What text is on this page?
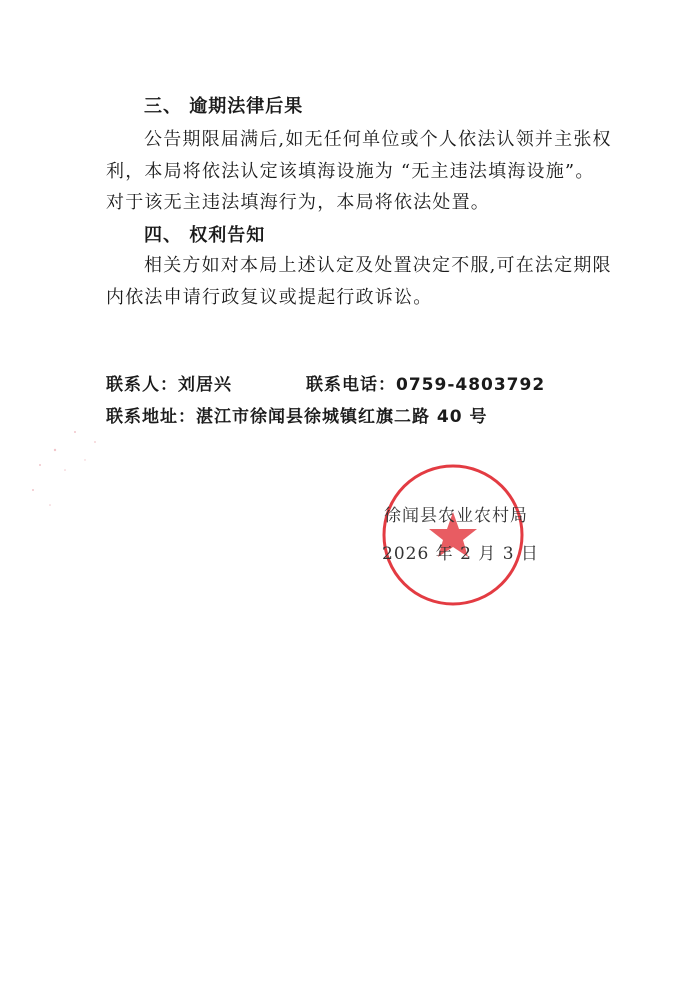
三、 逾期法律后果
公告期限届满后,如无任何单位或个人依法认领并主张权
利，本局将依法认定该填海设施为 “无主违法填海设施”。
对于该无主违法填海行为，本局将依法处置。
四、 权利告知
相关方如对本局上述认定及处置决定不服,可在法定期限
内依法申请行政复议或提起行政诉讼。
联系人：刘居兴	联系电话：0759-4803792
联系地址：湛江市徐闻县徐城镇红旗二路 40 号
徐闻县农业农村局
2026 年 2 月 3 日
